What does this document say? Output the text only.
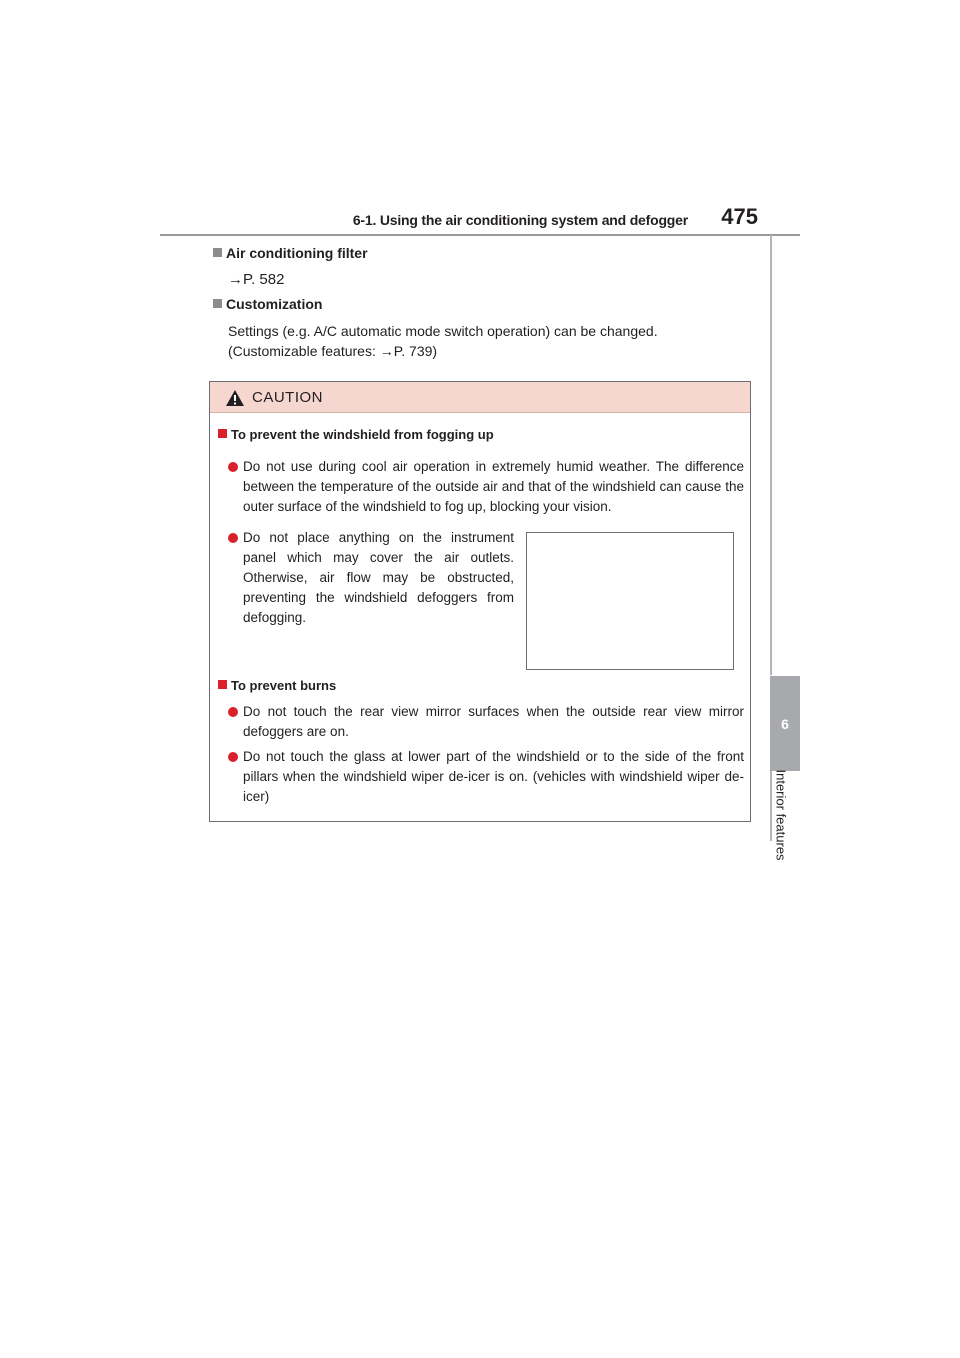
6-1. Using the air conditioning system and defogger 475
6
Interior features
Air conditioning filter
→P. 582
Customization
Settings (e.g. A/C automatic mode switch operation) can be changed.
(Customizable features: →P. 739)
CAUTION
To prevent the windshield from fogging up
Do not use during cool air operation in extremely humid weather. The difference between the temperature of the outside air and that of the windshield can cause the outer surface of the windshield to fog up, blocking your vision.
Do not place anything on the instrument panel which may cover the air outlets. Otherwise, air flow may be obstructed, preventing the windshield defoggers from defogging.
To prevent burns
Do not touch the rear view mirror surfaces when the outside rear view mirror defoggers are on.
Do not touch the glass at lower part of the windshield or to the side of the front pillars when the windshield wiper de-icer is on. (vehicles with windshield wiper de-icer)
